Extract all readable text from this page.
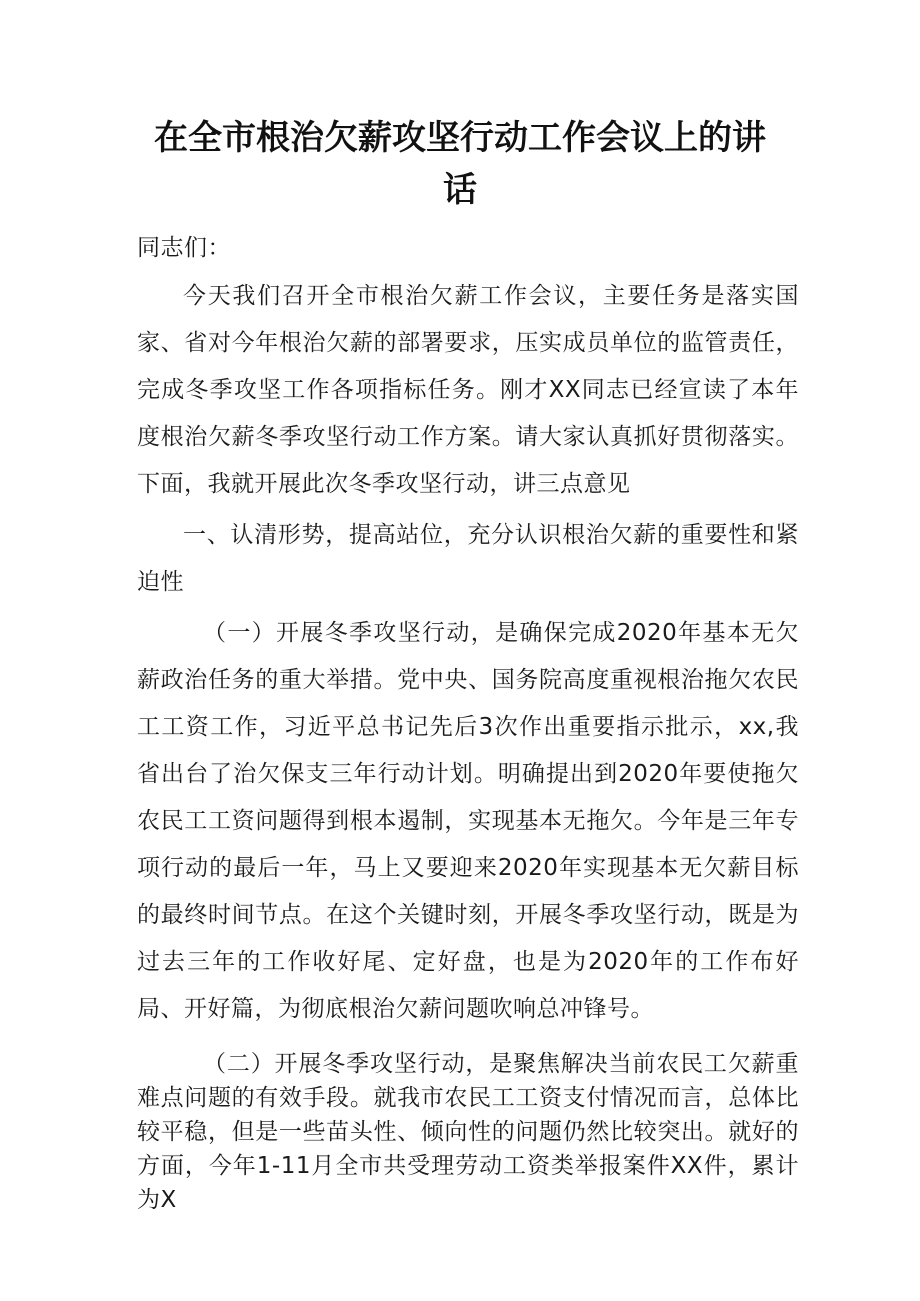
在全市根治欠薪攻坚行动工作会议上的讲话

同志们：

今天我们召开全市根治欠薪工作会议，主要任务是落实国家、省对今年根治欠薪的部署要求，压实成员单位的监管责任，完成冬季攻坚工作各项指标任务。刚才XX同志已经宣读了本年度根治欠薪冬季攻坚行动工作方案。请大家认真抓好贯彻落实。下面，我就开展此次冬季攻坚行动，讲三点意见

一、认清形势，提高站位，充分认识根治欠薪的重要性和紧迫性

（一）开展冬季攻坚行动，是确保完成2020年基本无欠薪政治任务的重大举措。党中央、国务院高度重视根治拖欠农民工工资工作，习近平总书记先后3次作出重要指示批示，xx,我省出台了治欠保支三年行动计划。明确提出到2020年要使拖欠农民工工资问题得到根本遏制，实现基本无拖欠。今年是三年专项行动的最后一年，马上又要迎来2020年实现基本无欠薪目标的最终时间节点。在这个关键时刻，开展冬季攻坚行动，既是为过去三年的工作收好尾、定好盘，也是为2020年的工作布好局、开好篇，为彻底根治欠薪问题吹响总冲锋号。

（二）开展冬季攻坚行动，是聚焦解决当前农民工欠薪重难点问题的有效手段。就我市农民工工资支付情况而言，总体比较平稳，但是一些苗头性、倾向性的问题仍然比较突出。就好的方面，今年1-11月全市共受理劳动工资类举报案件XX件，累计为X
